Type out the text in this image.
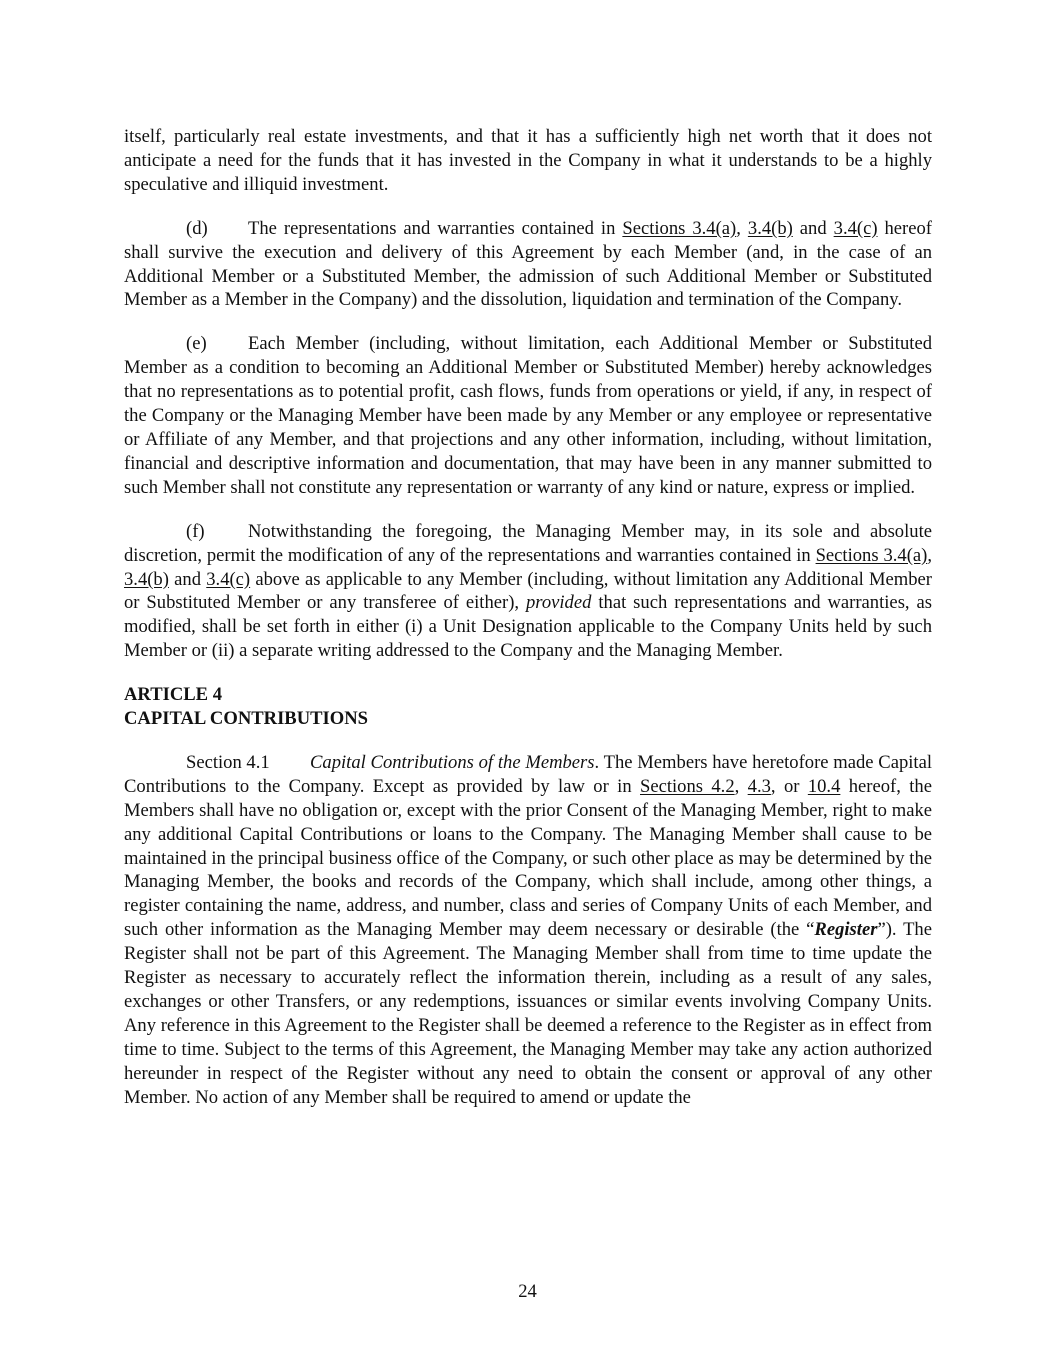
itself, particularly real estate investments, and that it has a sufficiently high net worth that it does not anticipate a need for the funds that it has invested in the Company in what it understands to be a highly speculative and illiquid investment.

(d) The representations and warranties contained in Sections 3.4(a), 3.4(b) and 3.4(c) hereof shall survive the execution and delivery of this Agreement by each Member (and, in the case of an Additional Member or a Substituted Member, the admission of such Additional Member or Substituted Member as a Member in the Company) and the dissolution, liquidation and termination of the Company.

(e) Each Member (including, without limitation, each Additional Member or Substituted Member as a condition to becoming an Additional Member or Substituted Member) hereby acknowledges that no representations as to potential profit, cash flows, funds from operations or yield, if any, in respect of the Company or the Managing Member have been made by any Member or any employee or representative or Affiliate of any Member, and that projections and any other information, including, without limitation, financial and descriptive information and documentation, that may have been in any manner submitted to such Member shall not constitute any representation or warranty of any kind or nature, express or implied.

(f) Notwithstanding the foregoing, the Managing Member may, in its sole and absolute discretion, permit the modification of any of the representations and warranties contained in Sections 3.4(a), 3.4(b) and 3.4(c) above as applicable to any Member (including, without limitation any Additional Member or Substituted Member or any transferee of either), provided that such representations and warranties, as modified, shall be set forth in either (i) a Unit Designation applicable to the Company Units held by such Member or (ii) a separate writing addressed to the Company and the Managing Member.

ARTICLE 4

CAPITAL CONTRIBUTIONS

Section 4.1 Capital Contributions of the Members. The Members have heretofore made Capital Contributions to the Company. Except as provided by law or in Sections 4.2, 4.3, or 10.4 hereof, the Members shall have no obligation or, except with the prior Consent of the Managing Member, right to make any additional Capital Contributions or loans to the Company. The Managing Member shall cause to be maintained in the principal business office of the Company, or such other place as may be determined by the Managing Member, the books and records of the Company, which shall include, among other things, a register containing the name, address, and number, class and series of Company Units of each Member, and such other information as the Managing Member may deem necessary or desirable (the “Register”). The Register shall not be part of this Agreement. The Managing Member shall from time to time update the Register as necessary to accurately reflect the information therein, including as a result of any sales, exchanges or other Transfers, or any redemptions, issuances or similar events involving Company Units. Any reference in this Agreement to the Register shall be deemed a reference to the Register as in effect from time to time. Subject to the terms of this Agreement, the Managing Member may take any action authorized hereunder in respect of the Register without any need to obtain the consent or approval of any other Member. No action of any Member shall be required to amend or update the

24
